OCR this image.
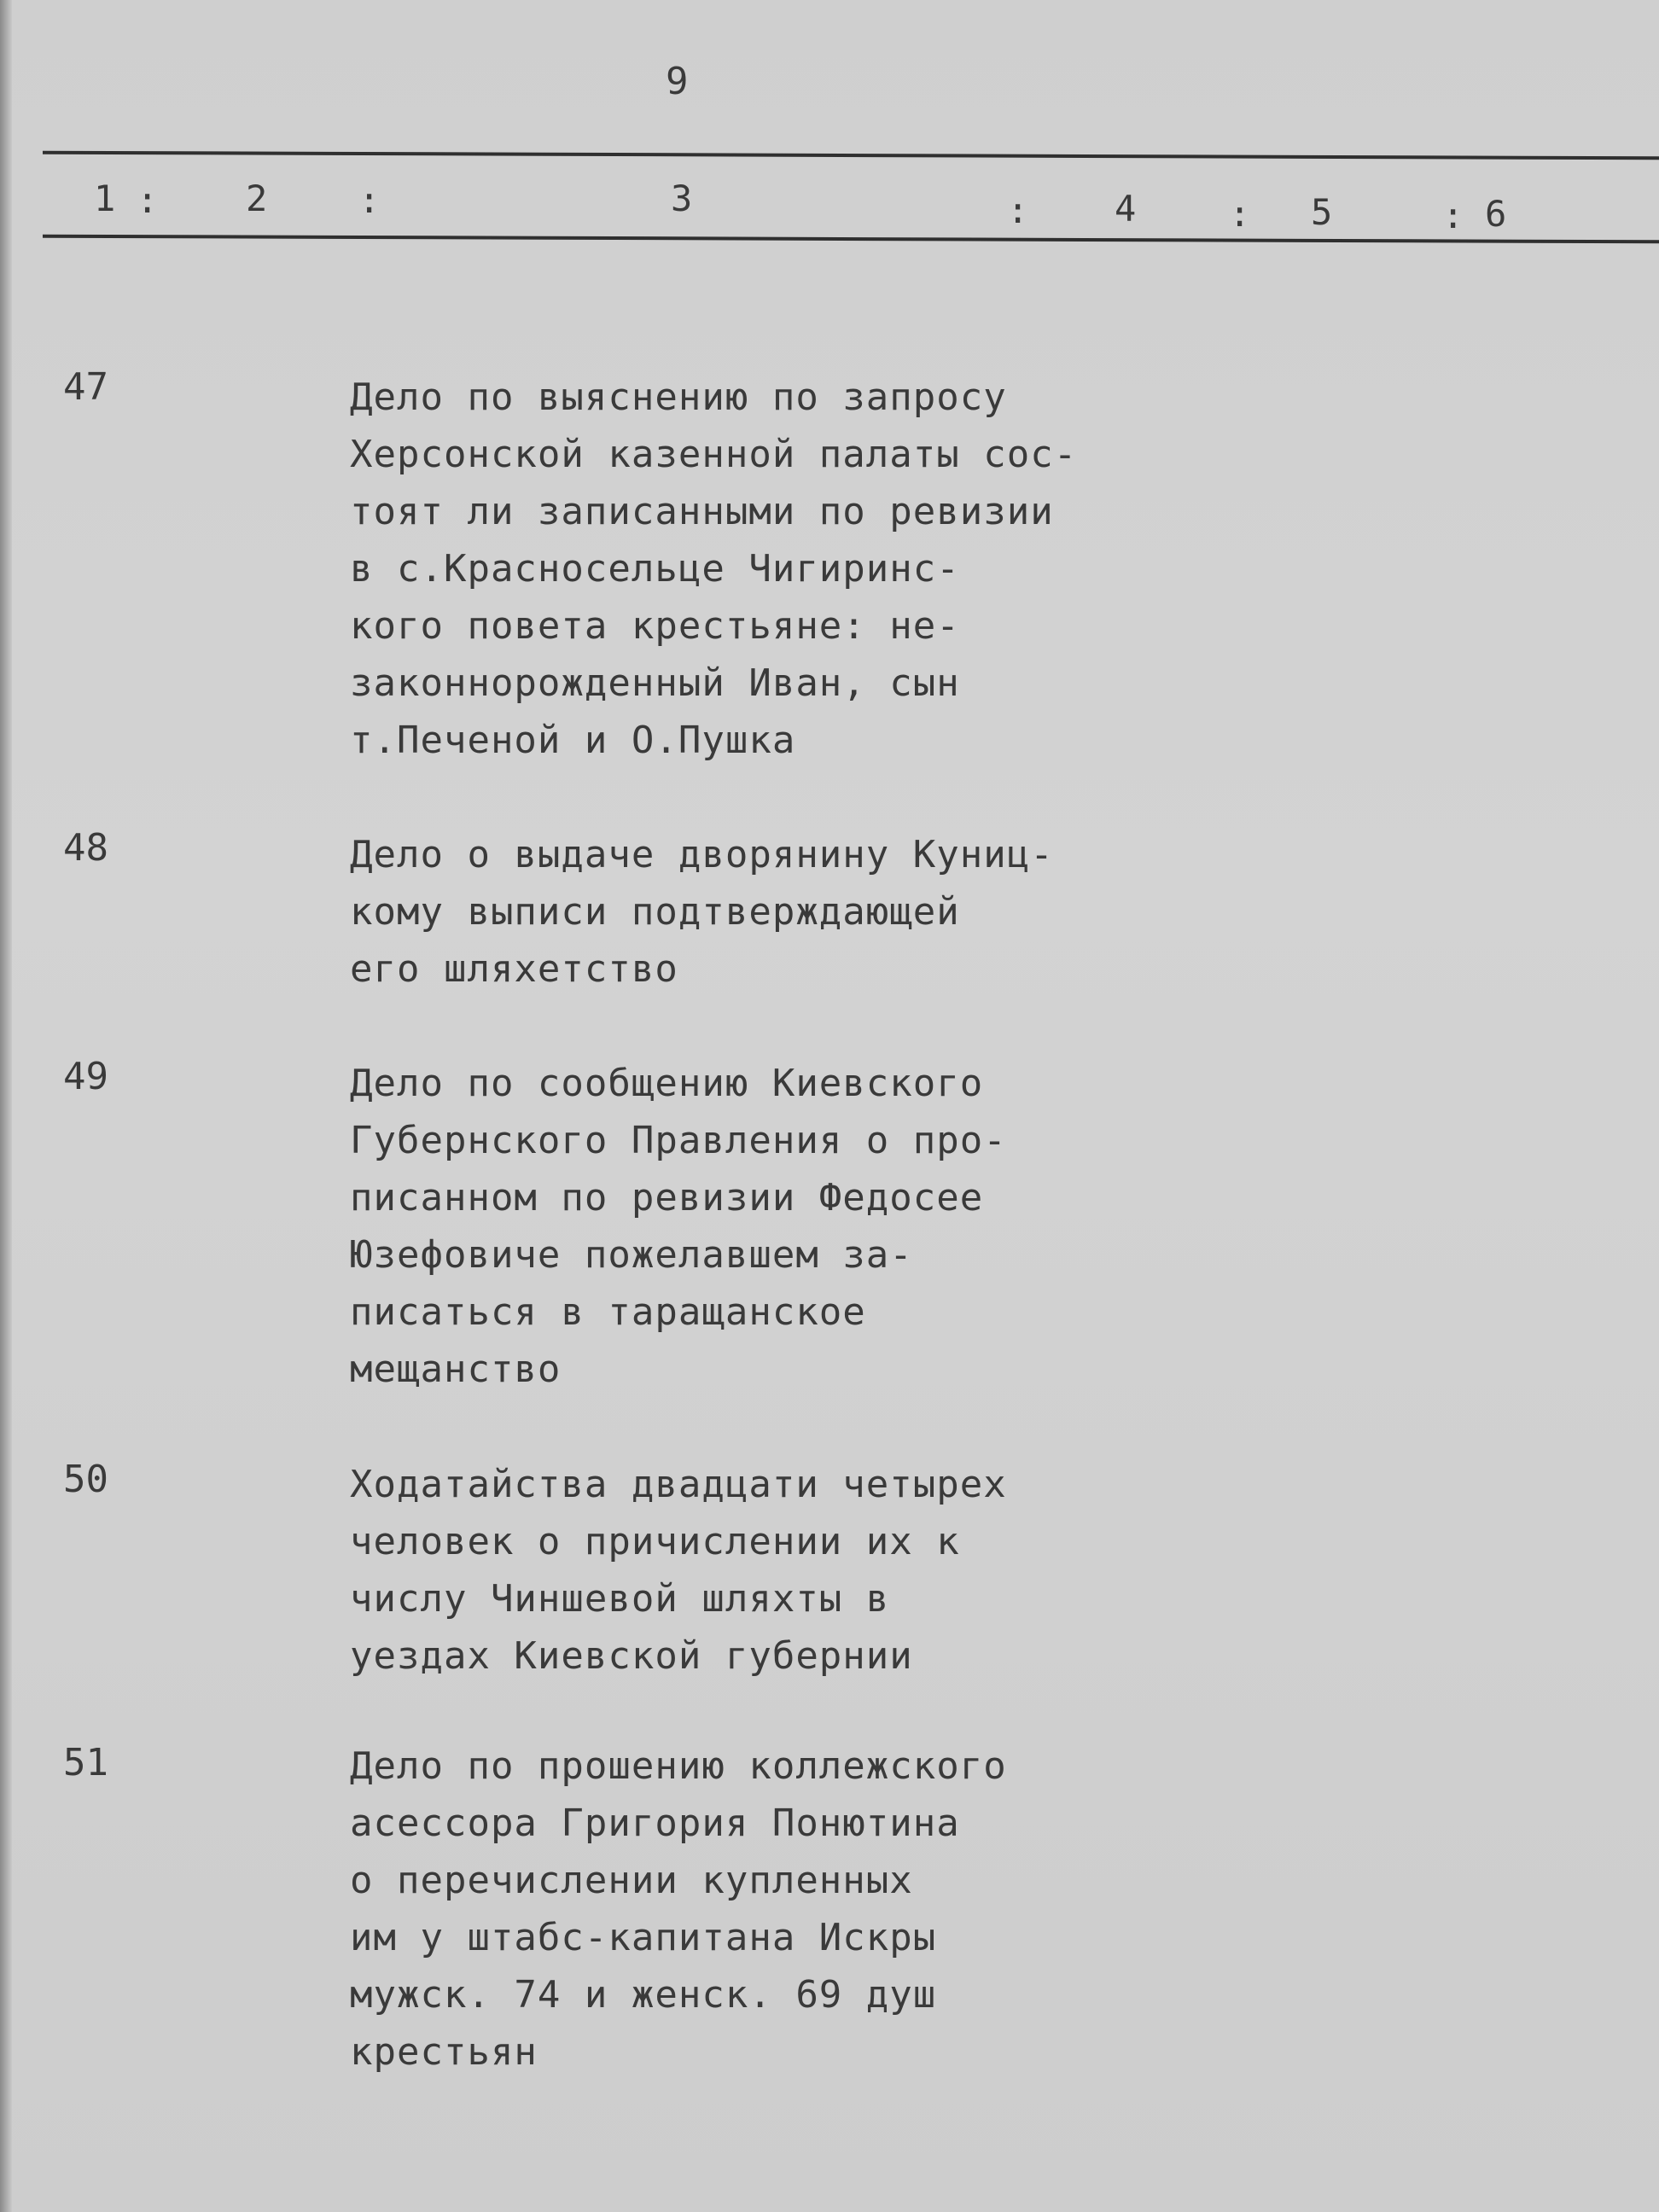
9
1 : 2	:	3	: 4	: 5	: 6
47	Дело по выяснению по запросу
Херсонской казенной палаты сос-
тоят ли записанными по ревизии
в с.Красносельце Чигиринс-
кого повета крестьяне: не-
законнорожденный Иван, сын
т.Печеной и О.Пушка
48	Дело о выдаче дворянину Куниц-
кому выписи подтверждающей
его шляхетство
49	Дело по сообщению Киевского
Губернского Правления о про-
писанном по ревизии Федосее
Юзефовиче пожелавшем за-
писаться в таращанское
мещанство
50	Ходатайства двадцати четырех
человек о причислении их к
числу Чиншевой шляхты в
уездах Киевской губернии
51	Дело по прошению коллежского
асессора Григория Понютина
о перечислении купленных
им у штабс-капитана Искры
мужск. 74 и женск. 69 душ
крестьян
